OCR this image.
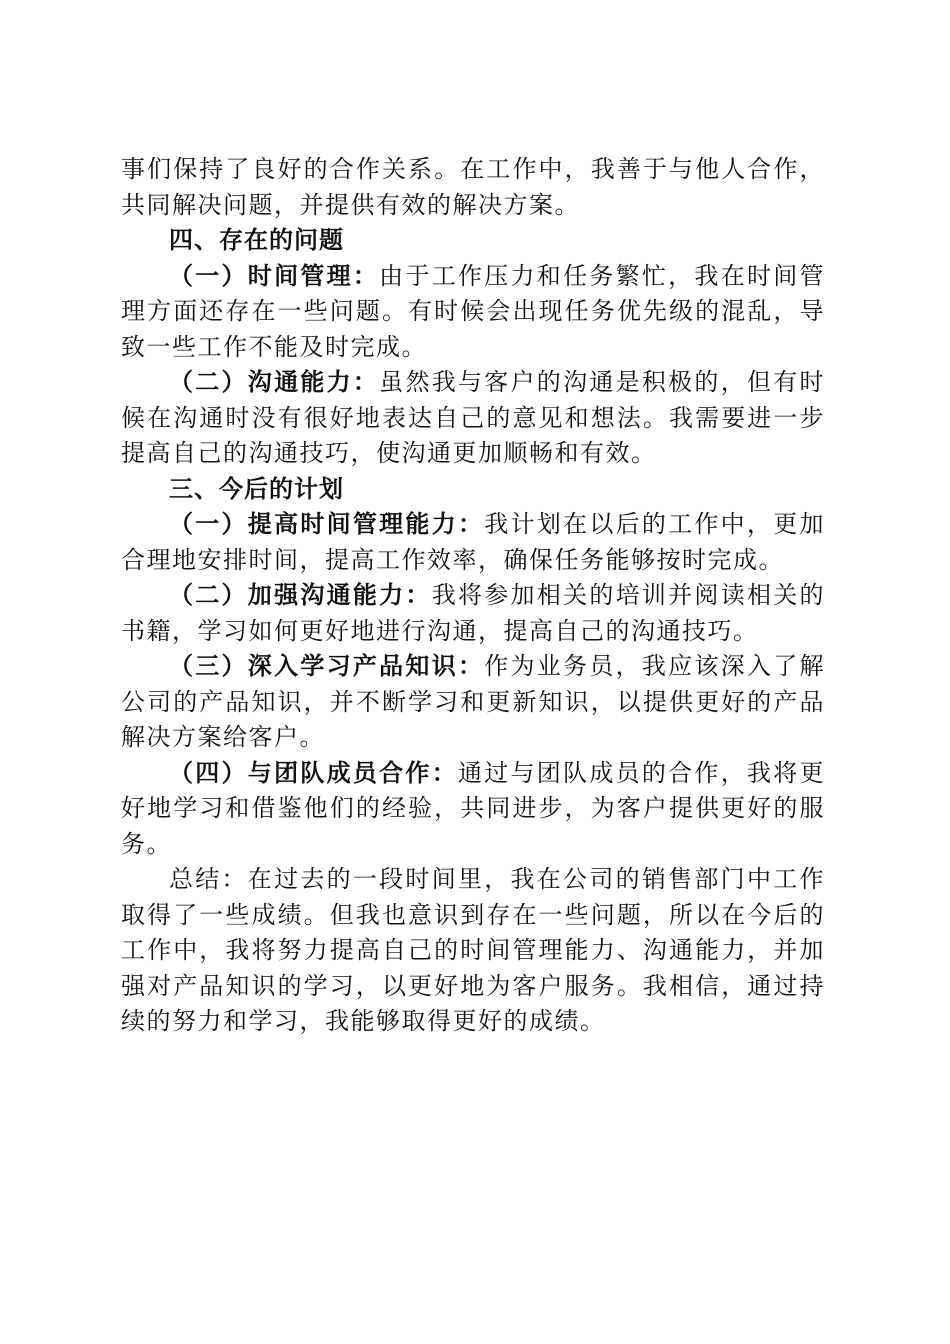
事们保持了良好的合作关系。在工作中，我善于与他人合作，共同解决问题，并提供有效的解决方案。

四、存在的问题

（一）时间管理：由于工作压力和任务繁忙，我在时间管理方面还存在一些问题。有时候会出现任务优先级的混乱，导致一些工作不能及时完成。

（二）沟通能力：虽然我与客户的沟通是积极的，但有时候在沟通时没有很好地表达自己的意见和想法。我需要进一步提高自己的沟通技巧，使沟通更加顺畅和有效。

三、今后的计划

（一）提高时间管理能力：我计划在以后的工作中，更加合理地安排时间，提高工作效率，确保任务能够按时完成。

（二）加强沟通能力：我将参加相关的培训并阅读相关的书籍，学习如何更好地进行沟通，提高自己的沟通技巧。

（三）深入学习产品知识：作为业务员，我应该深入了解公司的产品知识，并不断学习和更新知识，以提供更好的产品解决方案给客户。

（四）与团队成员合作：通过与团队成员的合作，我将更好地学习和借鉴他们的经验，共同进步，为客户提供更好的服务。

总结：在过去的一段时间里，我在公司的销售部门中工作取得了一些成绩。但我也意识到存在一些问题，所以在今后的工作中，我将努力提高自己的时间管理能力、沟通能力，并加强对产品知识的学习，以更好地为客户服务。我相信，通过持续的努力和学习，我能够取得更好的成绩。
